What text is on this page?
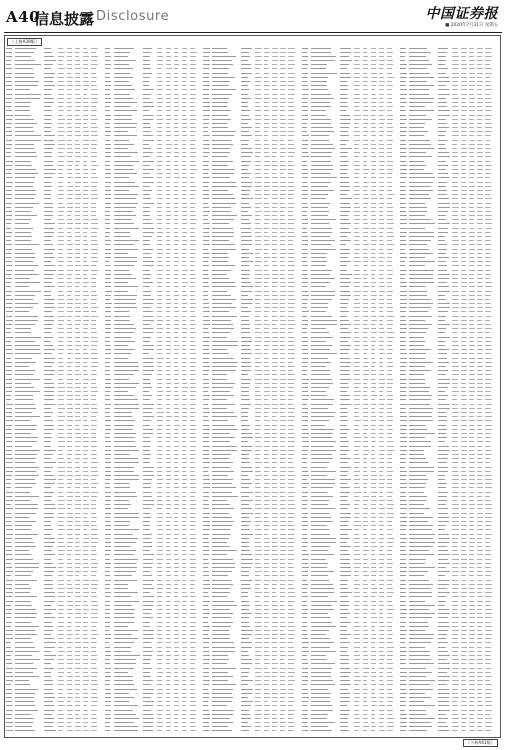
A40
信息披露 Disclosure	中国证券报
■ 2020年7月31日 星期五
（上接A39版）
（下转A41版）
